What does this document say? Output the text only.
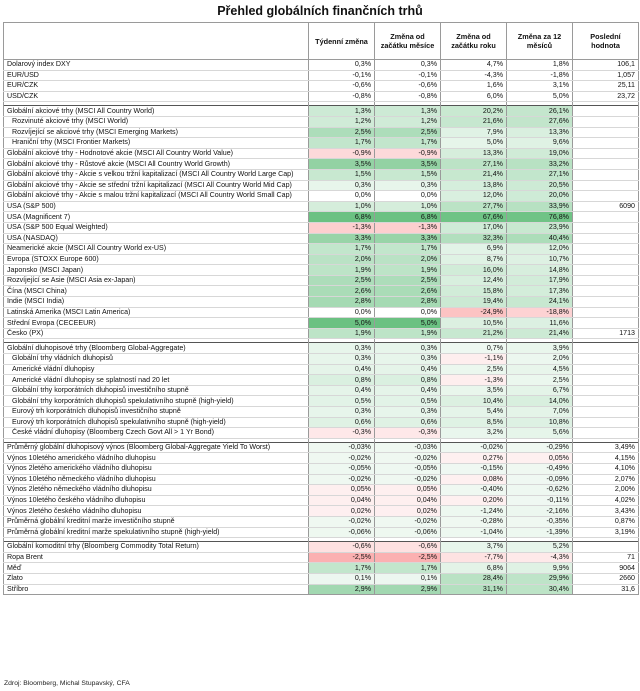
Přehled globálních finančních trhů
	Týdenní změna	Změna od začátku měsíce	Změna od začátku roku	Změna za 12 měsíců	Poslední hodnota
Dolarový index DXY	0,3%	0,3%	4,7%	1,8%	106,1
EUR/USD	-0,1%	-0,1%	-4,3%	-1,8%	1,057
EUR/CZK	-0,6%	-0,6%	1,6%	3,1%	25,11
USD/CZK	-0,8%	-0,8%	6,0%	5,0%	23,72

Globální akciové trhy (MSCI All Country World)	1,3%	1,3%	20,2%	26,1%	
Rozvinuté akciové trhy (MSCI World)	1,2%	1,2%	21,6%	27,6%	
Rozvíjející se akciové trhy (MSCI Emerging Markets)	2,5%	2,5%	7,9%	13,3%	
Hraniční trhy (MSCI Frontier Markets)	1,7%	1,7%	5,0%	9,6%	
Globální akciové trhy - Hodnotové akcie (MSCI All Country World Value)	-0,9%	-0,9%	13,3%	19,0%	
Globální akciové trhy - Růstové akcie (MSCI All Country World Growth)	3,5%	3,5%	27,1%	33,2%	
Globální akciové trhy - Akcie s velkou tržní kapitalizací (MSCI All Country World Large Cap)	1,5%	1,5%	21,4%	27,1%	
Globální akciové trhy - Akcie se střední tržní kapitalizací (MSCI All Country World Mid Cap)	0,3%	0,3%	13,8%	20,5%	
Globální akciové trhy - Akcie s malou tržní kapitalizací (MSCI All Country World Small Cap)	0,0%	0,0%	12,0%	20,0%	
USA (S&P 500)	1,0%	1,0%	27,7%	33,9%	6090
USA (Magnificent 7)	6,8%	6,8%	67,6%	76,8%	
USA (S&P 500 Equal Weighted)	-1,3%	-1,3%	17,0%	23,9%	
USA (NASDAQ)	3,3%	3,3%	32,3%	40,4%	
Neamerické akcie (MSCI All Country World ex-US)	1,7%	1,7%	6,9%	12,0%	
Evropa (STOXX Europe 600)	2,0%	2,0%	8,7%	10,7%	
Japonsko (MSCI Japan)	1,9%	1,9%	16,0%	14,8%	
Rozvíjející se Asie (MSCI Asia ex-Japan)	2,5%	2,5%	12,4%	17,9%	
Čína (MSCI China)	2,6%	2,6%	15,8%	17,3%	
Indie (MSCI India)	2,8%	2,8%	19,4%	24,1%	
Latinská Amerika (MSCI Latin America)	0,0%	0,0%	-24,9%	-18,8%	
Střední Evropa (CECEEUR)	5,0%	5,0%	10,5%	11,6%	
Česko (PX)	1,9%	1,9%	21,2%	21,4%	1713

Globální dluhopisové trhy (Bloomberg Global-Aggregate)	0,3%	0,3%	0,7%	3,9%	
Globální trhy vládních dluhopisů	0,3%	0,3%	-1,1%	2,0%	
Americké vládní dluhopisy	0,4%	0,4%	2,5%	4,5%	
Americké vládní dluhopisy se splatností nad 20 let	0,8%	0,8%	-1,3%	2,5%	
Globální trhy korporátních dluhopisů investičního stupně	0,4%	0,4%	3,5%	6,7%	
Globální trhy korporátních dluhopisů spekulativního stupně (high-yield)	0,5%	0,5%	10,4%	14,0%	
Eurový trh korporátních dluhopisů investičního stupně	0,3%	0,3%	5,4%	7,0%	
Eurový trh korporátních dluhopisů spekulativního stupně (high-yield)	0,6%	0,6%	8,5%	10,8%	
České vládní dluhopisy (Bloomberg Czech Govt All > 1 Yr Bond)	-0,3%	-0,3%	3,2%	5,6%	

Průměrný globální dluhopisový výnos (Bloomberg Global-Aggregate Yield To Worst)	-0,03%	-0,03%	-0,02%	-0,29%	3,49%
Výnos 10letého amerického vládního dluhopisu	-0,02%	-0,02%	0,27%	0,05%	4,15%
Výnos 2letého amerického vládního dluhopisu	-0,05%	-0,05%	-0,15%	-0,49%	4,10%
Výnos 10letého německého vládního dluhopisu	-0,02%	-0,02%	0,08%	-0,09%	2,07%
Výnos 2letého německého vládního dluhopisu	0,05%	0,05%	-0,40%	-0,62%	2,00%
Výnos 10letého českého vládního dluhopisu	0,04%	0,04%	0,20%	-0,11%	4,02%
Výnos 2letého českého vládního dluhopisu	0,02%	0,02%	-1,24%	-2,16%	3,43%
Průměrná globální kreditní marže investičního stupně	-0,02%	-0,02%	-0,28%	-0,35%	0,87%
Průměrná globální kreditní marže spekulativního stupně (high-yield)	-0,06%	-0,06%	-1,04%	-1,39%	3,19%

Globální komoditní trhy (Bloomberg Commodity Total Return)	-0,6%	-0,6%	3,7%	5,2%	
Ropa Brent	-2,5%	-2,5%	-7,7%	-4,3%	71
Měď	1,7%	1,7%	6,8%	9,9%	9064
Zlato	0,1%	0,1%	28,4%	29,9%	2660
Stříbro	2,9%	2,9%	31,1%	30,4%	31,6
Zdroj: Bloomberg, Michal Stupavský, CFA
